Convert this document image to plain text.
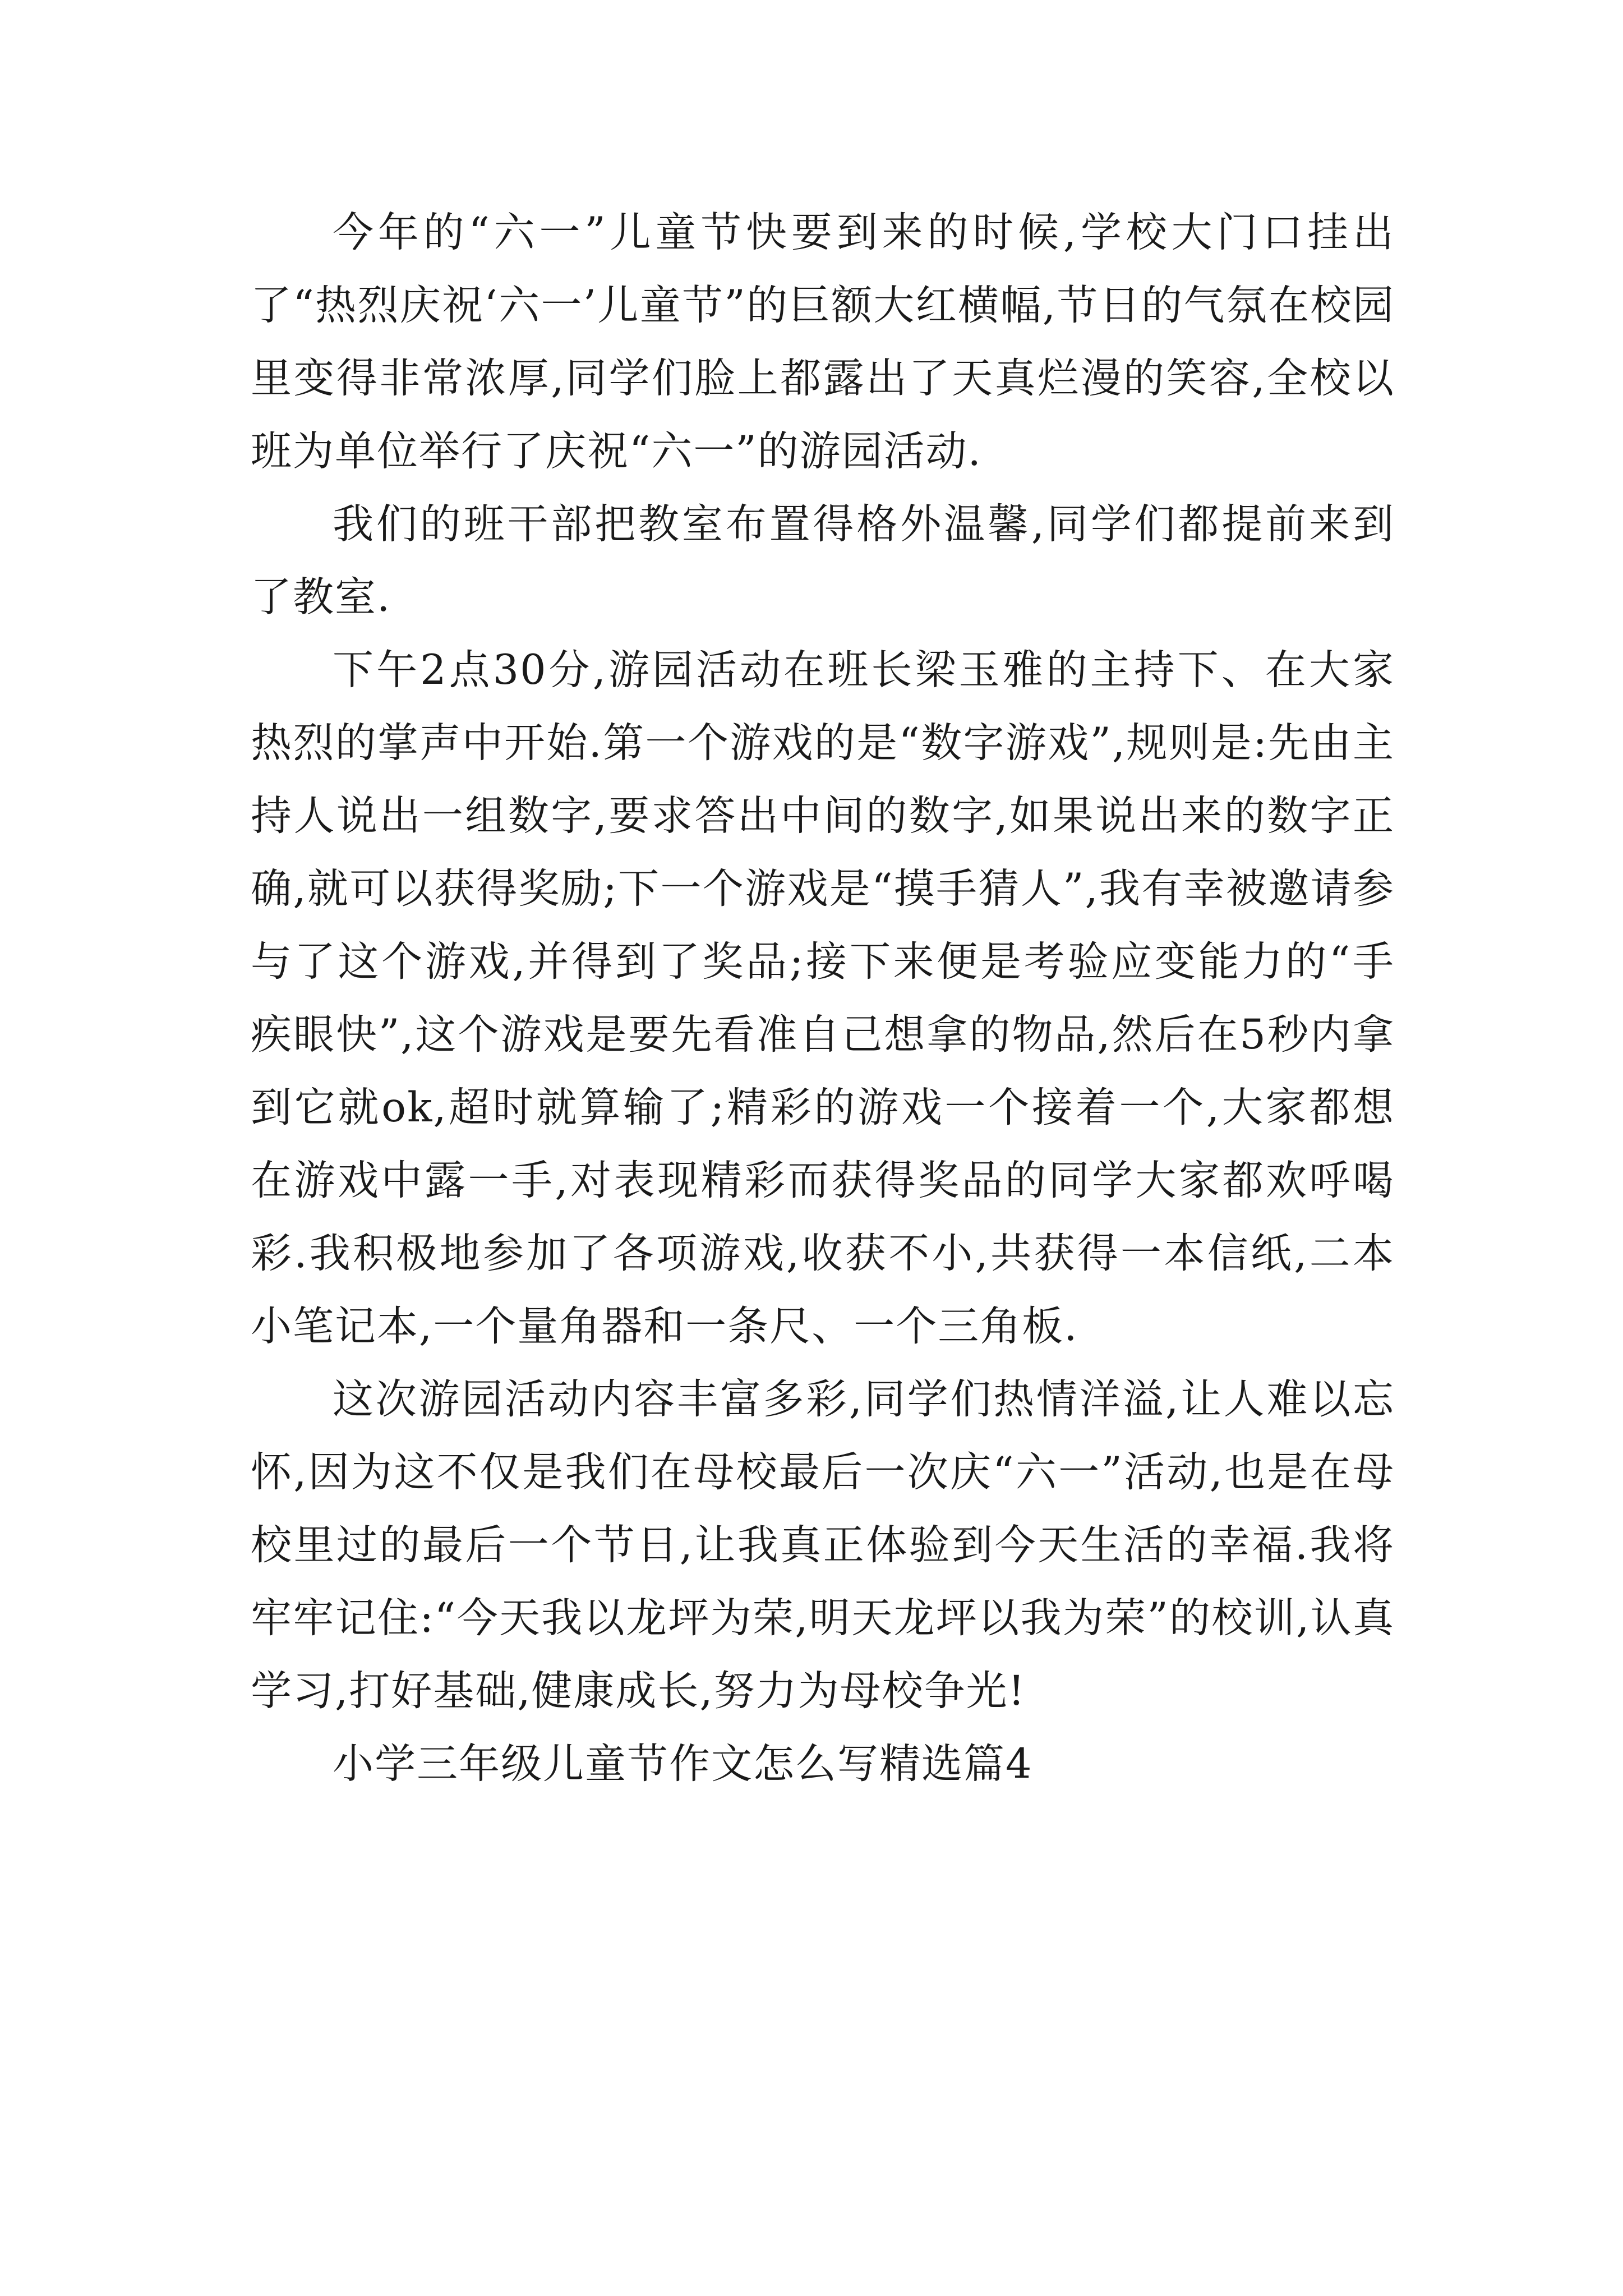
今年的“六一”儿童节快要到来的时候,学校大门口挂出了“热烈庆祝‘六一’儿童节”的巨额大红横幅,节日的气氛在校园里变得非常浓厚,同学们脸上都露出了天真烂漫的笑容,全校以班为单位举行了庆祝“六一”的游园活动.

我们的班干部把教室布置得格外温馨,同学们都提前来到了教室.

下午2点30分,游园活动在班长梁玉雅的主持下、在大家热烈的掌声中开始.第一个游戏的是“数字游戏”,规则是:先由主持人说出一组数字,要求答出中间的数字,如果说出来的数字正确,就可以获得奖励;下一个游戏是“摸手猜人”,我有幸被邀请参与了这个游戏,并得到了奖品;接下来便是考验应变能力的“手疾眼快”,这个游戏是要先看准自己想拿的物品,然后在5秒内拿到它就ok,超时就算输了;精彩的游戏一个接着一个,大家都想在游戏中露一手,对表现精彩而获得奖品的同学大家都欢呼喝彩.我积极地参加了各项游戏,收获不小,共获得一本信纸,二本小笔记本,一个量角器和一条尺、一个三角板.

这次游园活动内容丰富多彩,同学们热情洋溢,让人难以忘怀,因为这不仅是我们在母校最后一次庆“六一”活动,也是在母校里过的最后一个节日,让我真正体验到今天生活的幸福.我将牢牢记住:“今天我以龙坪为荣,明天龙坪以我为荣”的校训,认真学习,打好基础,健康成长,努力为母校争光!

小学三年级儿童节作文怎么写精选篇4
